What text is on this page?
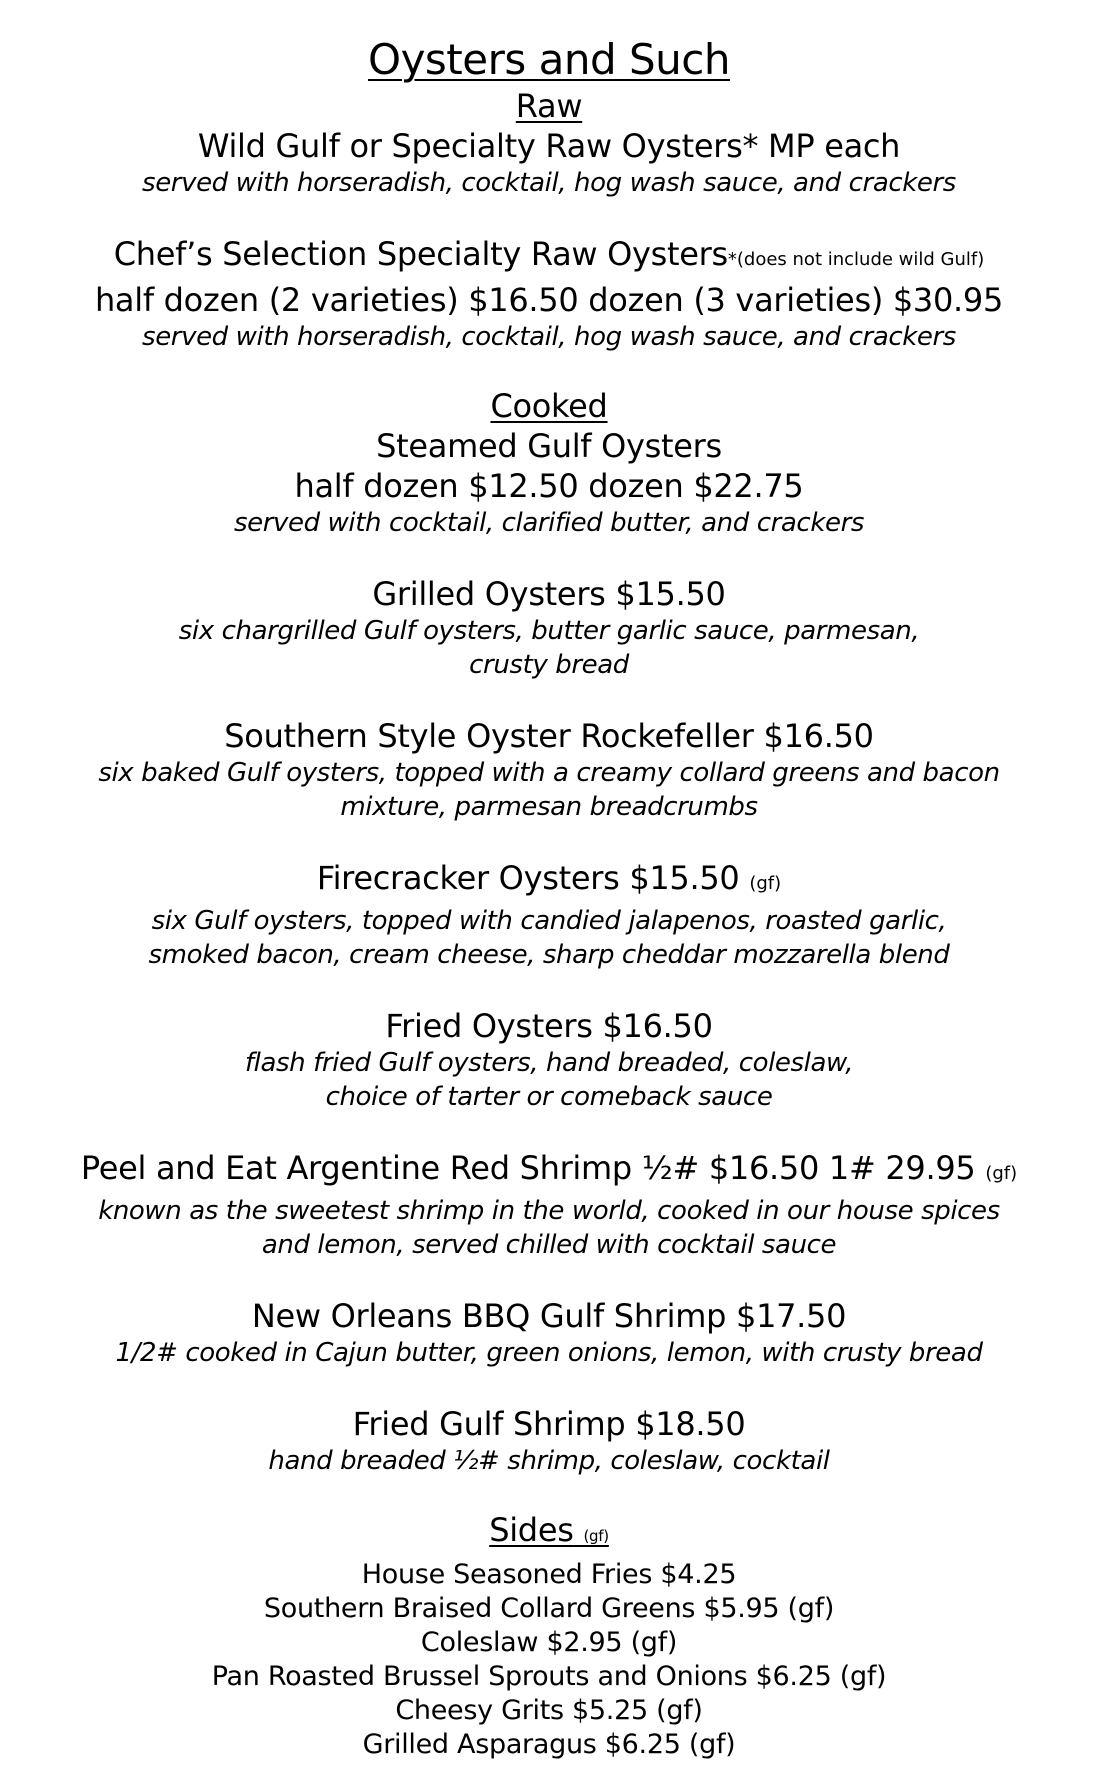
Oysters and Such
Raw
Wild Gulf or Specialty Raw Oysters* MP each
served with horseradish, cocktail, hog wash sauce, and crackers
Chef’s Selection Specialty Raw Oysters*(does not include wild Gulf)
half dozen (2 varieties) $16.50 dozen (3 varieties) $30.95
served with horseradish, cocktail, hog wash sauce, and crackers
Cooked
Steamed Gulf Oysters
half dozen $12.50 dozen $22.75
served with cocktail, clarified butter, and crackers
Grilled Oysters $15.50
six chargrilled Gulf oysters, butter garlic sauce, parmesan,
crusty bread
Southern Style Oyster Rockefeller $16.50
six baked Gulf oysters, topped with a creamy collard greens and bacon
mixture, parmesan breadcrumbs
Firecracker Oysters $15.50 (gf)
six Gulf oysters, topped with candied jalapenos, roasted garlic,
smoked bacon, cream cheese, sharp cheddar mozzarella blend
Fried Oysters $16.50
flash fried Gulf oysters, hand breaded, coleslaw,
choice of tarter or comeback sauce
Peel and Eat Argentine Red Shrimp ½# $16.50 1# 29.95 (gf)
known as the sweetest shrimp in the world, cooked in our house spices
and lemon, served chilled with cocktail sauce
New Orleans BBQ Gulf Shrimp $17.50
1/2# cooked in Cajun butter, green onions, lemon, with crusty bread
Fried Gulf Shrimp $18.50
hand breaded ½# shrimp, coleslaw, cocktail
Sides (gf)
House Seasoned Fries $4.25
Southern Braised Collard Greens $5.95 (gf)
Coleslaw $2.95 (gf)
Pan Roasted Brussel Sprouts and Onions $6.25 (gf)
Cheesy Grits $5.25 (gf)
Grilled Asparagus $6.25 (gf)
